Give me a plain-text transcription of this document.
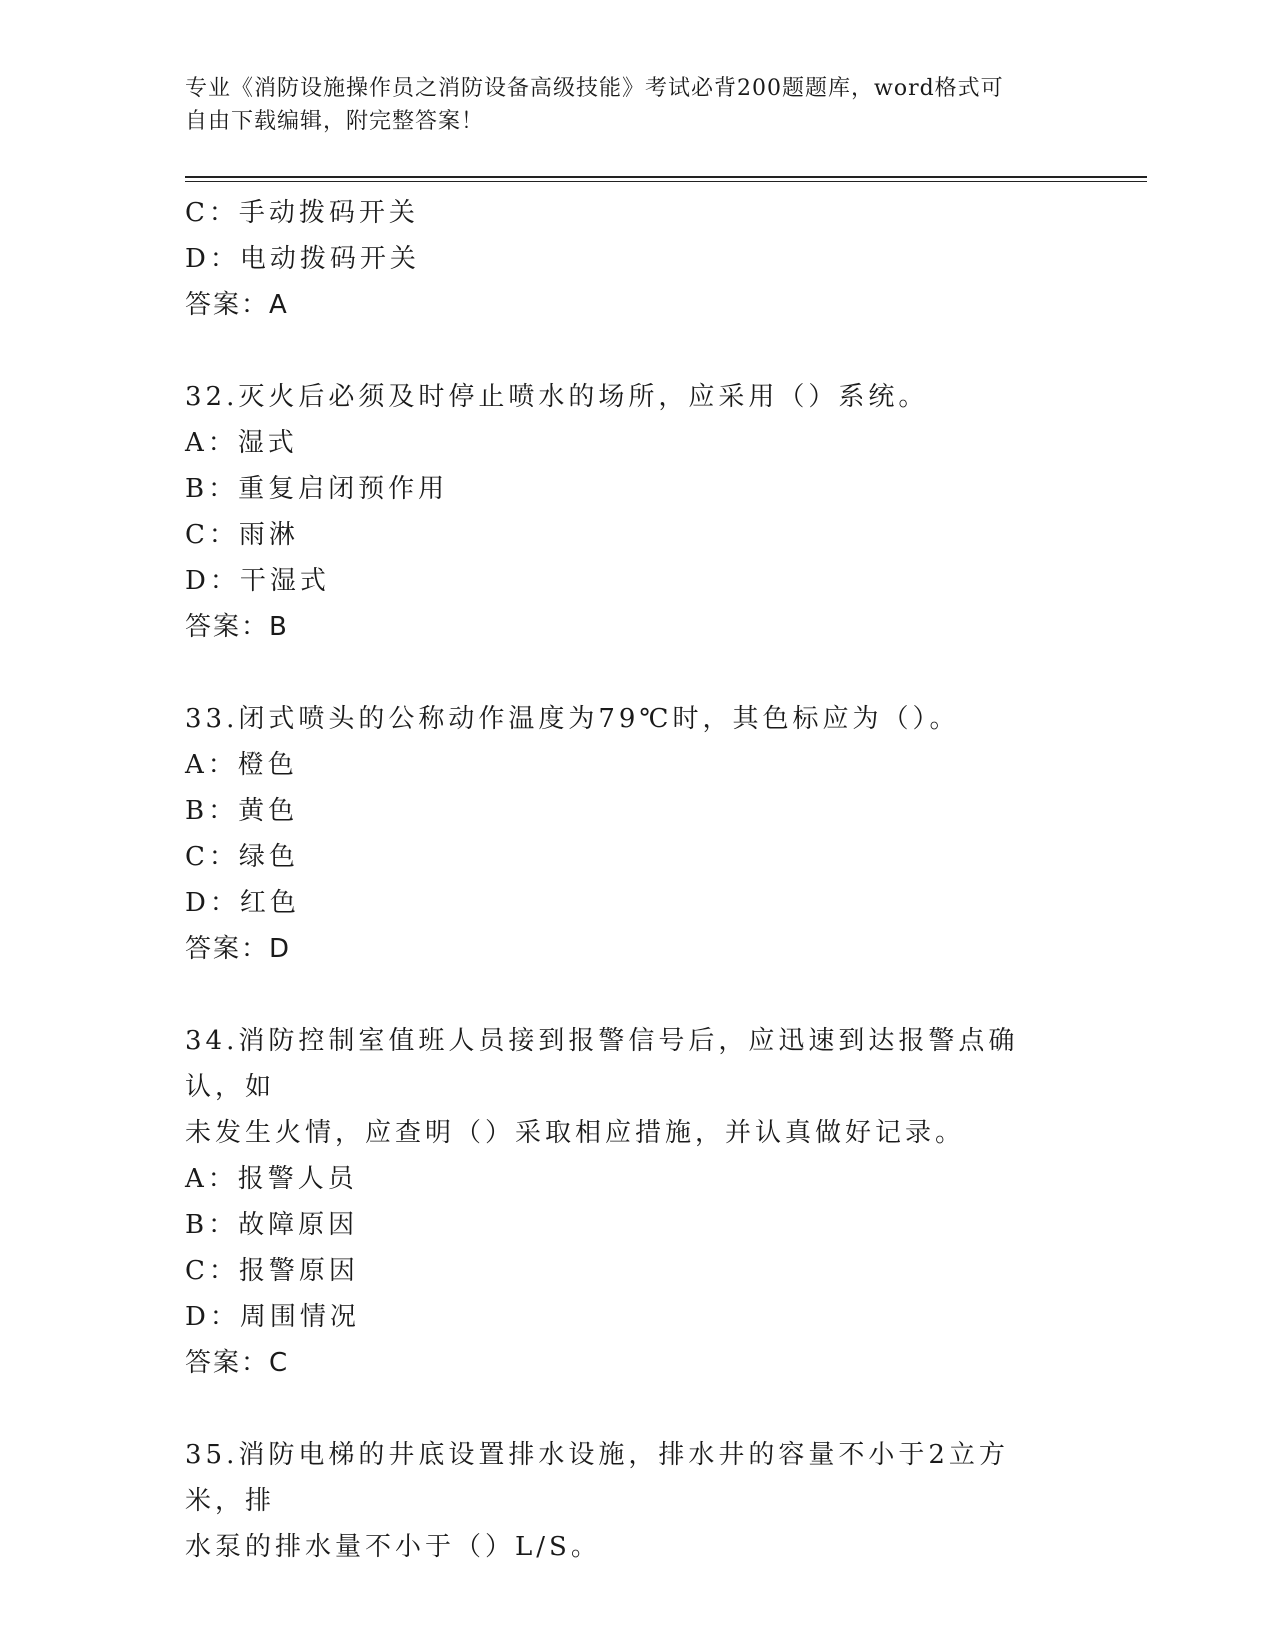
专业《消防设施操作员之消防设备高级技能》考试必背200题题库，word格式可
自由下载编辑，附完整答案！
C：手动拨码开关
D：电动拨码开关
答案：A
32.灭火后必须及时停止喷水的场所，应采用（）系统。
A：湿式
B：重复启闭预作用
C：雨淋
D：干湿式
答案：B
33.闭式喷头的公称动作温度为79℃时，其色标应为（）。
A：橙色
B：黄色
C：绿色
D：红色
答案：D
34.消防控制室值班人员接到报警信号后，应迅速到达报警点确认，如
未发生火情，应查明（）采取相应措施，并认真做好记录。
A：报警人员
B：故障原因
C：报警原因
D：周围情况
答案：C
35.消防电梯的井底设置排水设施，排水井的容量不小于2立方米，排
水泵的排水量不小于（）L/S。
